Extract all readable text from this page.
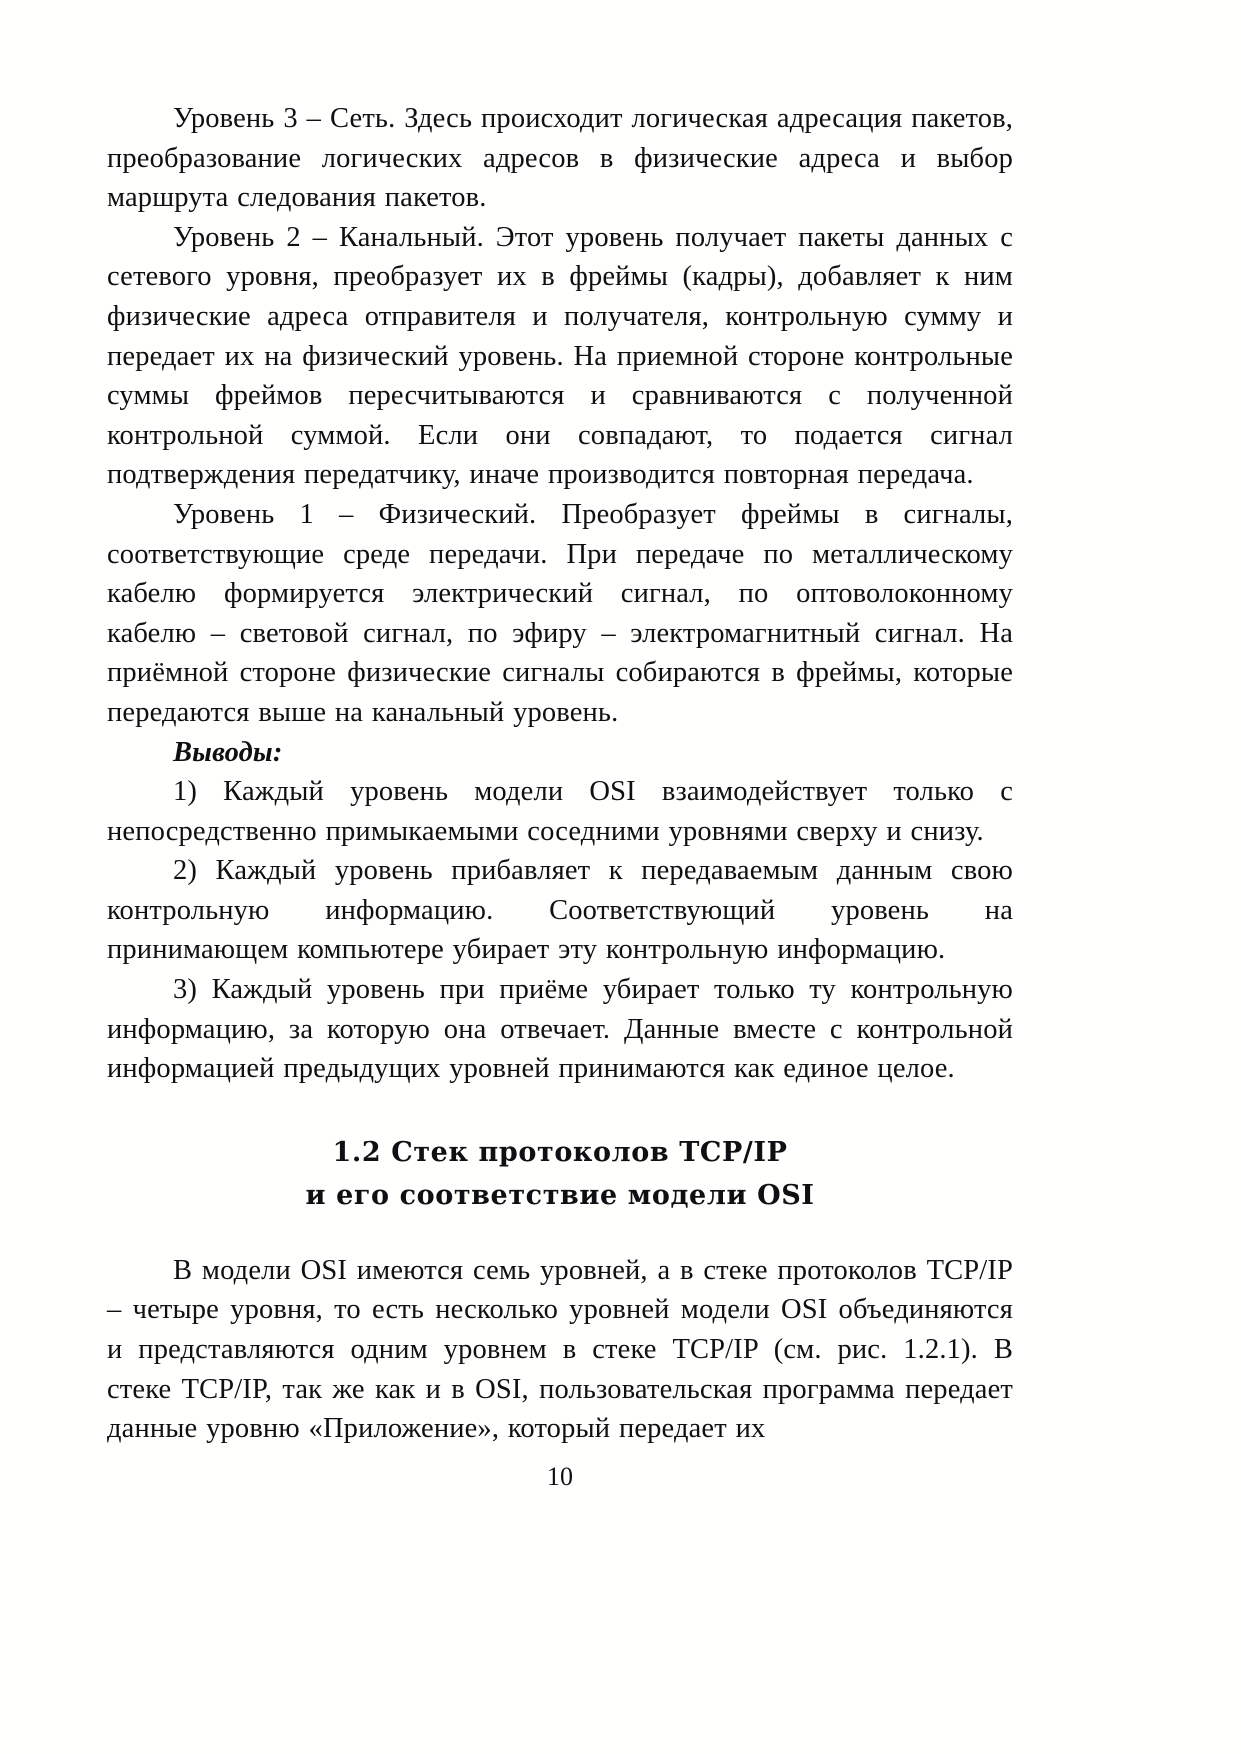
Уровень 3 – Сеть. Здесь происходит логическая адресация пакетов, преобразование логических адресов в физические адреса и выбор маршрута следования пакетов.

Уровень 2 – Канальный. Этот уровень получает пакеты данных с сетевого уровня, преобразует их в фреймы (кадры), добавляет к ним физические адреса отправителя и получателя, контрольную сумму и передает их на физический уровень. На приемной стороне контрольные суммы фреймов пересчитываются и сравниваются с полученной контрольной суммой. Если они совпадают, то подается сигнал подтверждения передатчику, иначе производится повторная передача.

Уровень 1 – Физический. Преобразует фреймы в сигналы, соответствующие среде передачи. При передаче по металлическому кабелю формируется электрический сигнал, по оптоволоконному кабелю – световой сигнал, по эфиру – электромагнитный сигнал. На приёмной стороне физические сигналы собираются в фреймы, которые передаются выше на канальный уровень.

Выводы:

1) Каждый уровень модели OSI взаимодействует только с непосредственно примыкаемыми соседними уровнями сверху и снизу.

2) Каждый уровень прибавляет к передаваемым данным свою контрольную информацию. Соответствующий уровень на принимающем компьютере убирает эту контрольную информацию.

3) Каждый уровень при приёме убирает только ту контрольную информацию, за которую она отвечает. Данные вместе с контрольной информацией предыдущих уровней принимаются как единое целое.

1.2 Стек протоколов TCP/IP
и его соответствие модели OSI

В модели OSI имеются семь уровней, а в стеке протоколов TCP/IP – четыре уровня, то есть несколько уровней модели OSI объединяются и представляются одним уровнем в стеке TCP/IP (см. рис. 1.2.1). В стеке TCP/IP, так же как и в OSI, пользовательская программа передает данные уровню «Приложение», который передает их

10
